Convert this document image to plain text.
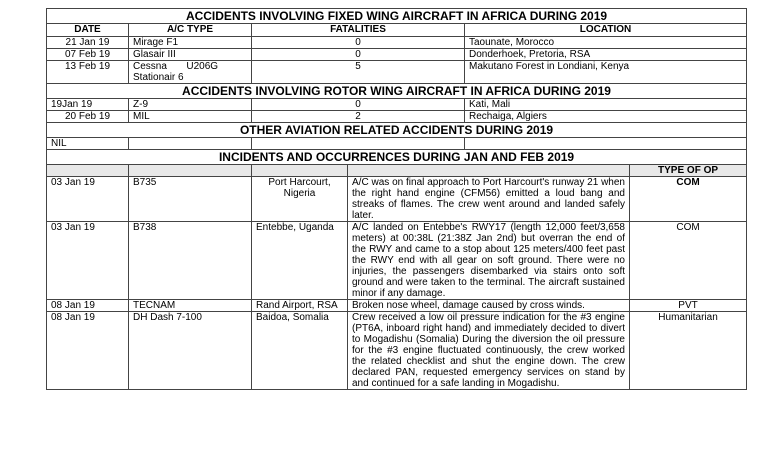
ACCIDENTS INVOLVING FIXED WING AIRCRAFT IN AFRICA DURING 2019			
DATE	A/C TYPE	FATALITIES	LOCATION
21 Jan 19	Mirage F1	0	Taounate, Morocco
07 Feb 19	Glasair III	0	Donderhoek, Pretoria, RSA
13 Feb 19	Cessna       U206G
Stationair 6	5	Makutano Forest in Londiani, Kenya
ACCIDENTS INVOLVING ROTOR WING AIRCRAFT IN AFRICA DURING 2019			
19Jan 19	Z-9	0	Kati, Mali
20 Feb 19	MIL	2	Rechaiga, Algiers
OTHER AVIATION RELATED ACCIDENTS DURING 2019			
NIL			
INCIDENTS AND OCCURRENCES DURING JAN AND FEB 2019				
				TYPE OF OP
03 Jan 19	B735	Port Harcourt, Nigeria	A/C was on final approach to Port Harcourt's runway 21 when the right hand engine (CFM56) emitted a loud bang and streaks of flames. The crew went around and landed safely later.	COM
03 Jan 19	B738	Entebbe, Uganda	A/C landed on Entebbe's RWY17 (length 12,000 feet/3,658 meters) at 00:38L (21:38Z Jan 2nd) but overran the end of the RWY and came to a stop about 125 meters/400 feet past the RWY end with all gear on soft ground. There were no injuries, the passengers disembarked via stairs onto soft ground and were taken to the terminal. The aircraft sustained minor if any damage.	COM
08 Jan 19	TECNAM	Rand Airport, RSA	Broken nose wheel, damage caused by cross winds.	PVT
08 Jan 19	DH Dash 7-100	Baidoa, Somalia	Crew received a low oil pressure indication for the #3 engine (PT6A, inboard right hand) and immediately decided to divert to Mogadishu (Somalia) During the diversion the oil pressure for the #3 engine fluctuated continuously, the crew worked the related checklist and shut the engine down. The crew declared PAN, requested emergency services on stand by and continued for a safe landing in Mogadishu.	Humanitarian
